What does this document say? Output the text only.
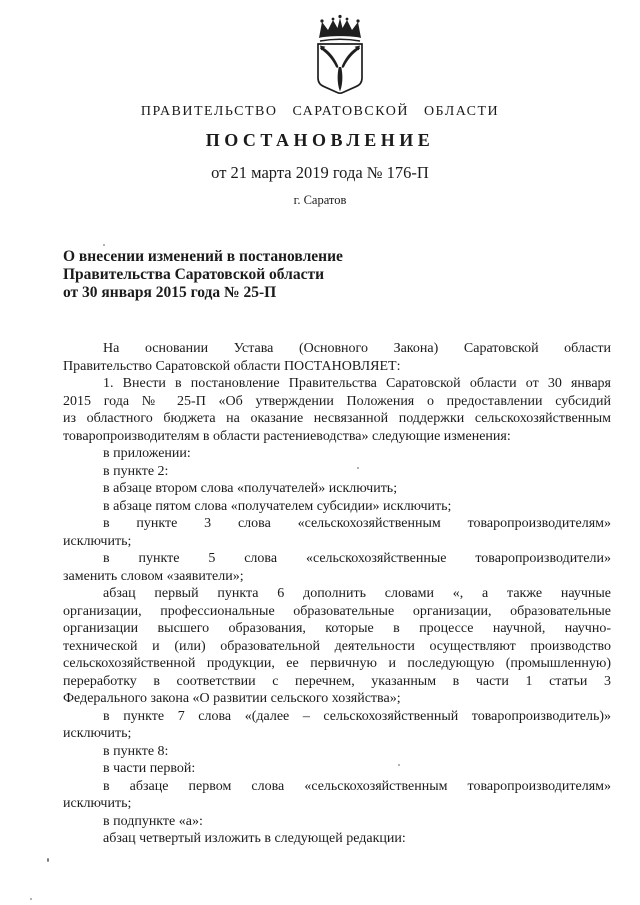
ПРАВИТЕЛЬСТВО САРАТОВСКОЙ ОБЛАСТИ
ПОСТАНОВЛЕНИЕ
от 21 марта 2019 года № 176-П
г. Саратов
О внесении изменений в постановление
Правительства Саратовской области
от 30 января 2015 года № 25-П
На основании Устава (Основного Закона) Саратовской области
Правительство Саратовской области ПОСТАНОВЛЯЕТ:
1. Внести в постановление Правительства Саратовской области от 30 января
2015 года № 25-П «Об утверждении Положения о предоставлении субсидий
из областного бюджета на оказание несвязанной поддержки сельскохозяйственным
товаропроизводителям в области растениеводства» следующие изменения:
в приложении:
в пункте 2:
в абзаце втором слова «получателей» исключить;
в абзаце пятом слова «получателем субсидии» исключить;
в пункте 3 слова «сельскохозяйственным товаропроизводителям»
исключить;
в пункте 5 слова «сельскохозяйственные товаропроизводители»
заменить словом «заявители»;
абзац первый пункта 6 дополнить словами «, а также научные
организации, профессиональные образовательные организации, образовательные
организации высшего образования, которые в процессе научной, научно-
технической и (или) образовательной деятельности осуществляют производство
сельскохозяйственной продукции, ее первичную и последующую (промышленную)
переработку в соответствии с перечнем, указанным в части 1 статьи 3
Федерального закона «О развитии сельского хозяйства»;
в пункте 7 слова «(далее – сельскохозяйственный товаропроизводитель)»
исключить;
в пункте 8:
в части первой:
в абзаце первом слова «сельскохозяйственным товаропроизводителям»
исключить;
в подпункте «а»:
абзац четвертый изложить в следующей редакции:
